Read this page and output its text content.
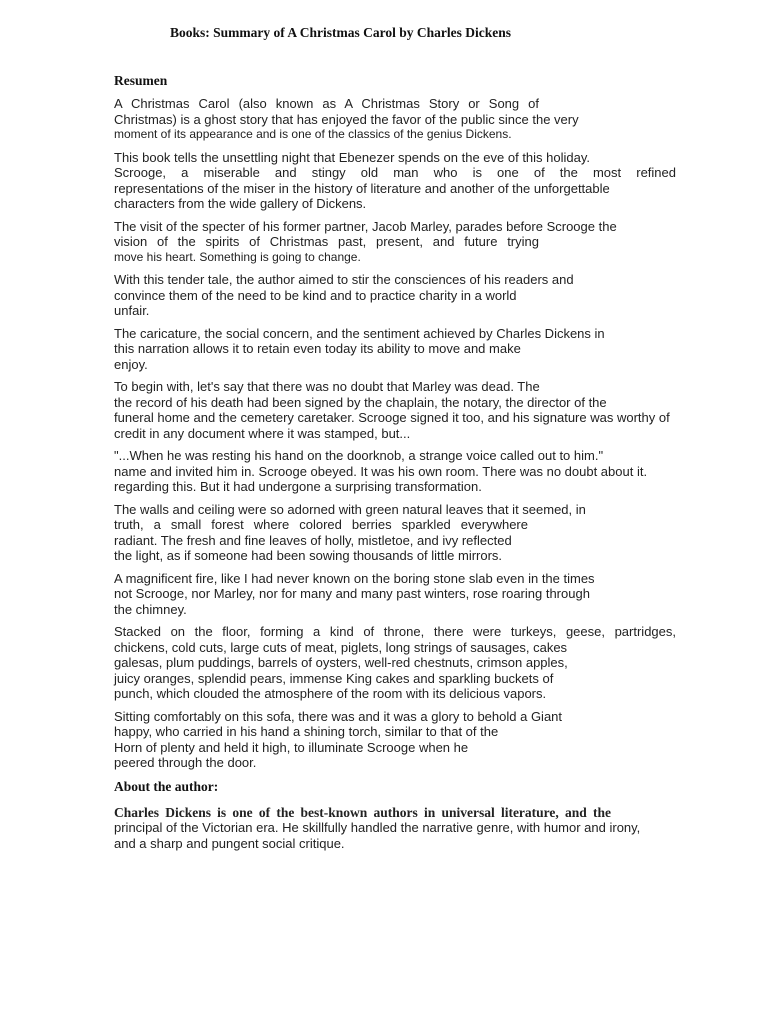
Books: Summary of A Christmas Carol by Charles Dickens
Resumen
A Christmas Carol (also known as A Christmas Story or Song of
Christmas) is a ghost story that has enjoyed the favor of the public since the very
moment of its appearance and is one of the classics of the genius Dickens.
This book tells the unsettling night that Ebenezer spends on the eve of this holiday.
Scrooge, a miserable and stingy old man who is one of the most refined
representations of the miser in the history of literature and another of the unforgettable
characters from the wide gallery of Dickens.
The visit of the specter of his former partner, Jacob Marley, parades before Scrooge the
vision of the spirits of Christmas past, present, and future trying
move his heart. Something is going to change.
With this tender tale, the author aimed to stir the consciences of his readers and
convince them of the need to be kind and to practice charity in a world
unfair.
The caricature, the social concern, and the sentiment achieved by Charles Dickens in
this narration allows it to retain even today its ability to move and make
enjoy.
To begin with, let's say that there was no doubt that Marley was dead. The
the record of his death had been signed by the chaplain, the notary, the director of the
funeral home and the cemetery caretaker. Scrooge signed it too, and his signature was worthy of
credit in any document where it was stamped, but...
"...When he was resting his hand on the doorknob, a strange voice called out to him."
name and invited him in. Scrooge obeyed. It was his own room. There was no doubt about it.
regarding this. But it had undergone a surprising transformation.
The walls and ceiling were so adorned with green natural leaves that it seemed, in
truth, a small forest where colored berries sparkled everywhere
radiant. The fresh and fine leaves of holly, mistletoe, and ivy reflected
the light, as if someone had been sowing thousands of little mirrors.
A magnificent fire, like I had never known on the boring stone slab even in the times
not Scrooge, nor Marley, nor for many and many past winters, rose roaring through
the chimney.
Stacked on the floor, forming a kind of throne, there were turkeys, geese, partridges,
chickens, cold cuts, large cuts of meat, piglets, long strings of sausages, cakes
galesas, plum puddings, barrels of oysters, well-red chestnuts, crimson apples,
juicy oranges, splendid pears, immense King cakes and sparkling buckets of
punch, which clouded the atmosphere of the room with its delicious vapors.
Sitting comfortably on this sofa, there was and it was a glory to behold a Giant
happy, who carried in his hand a shining torch, similar to that of the
Horn of plenty and held it high, to illuminate Scrooge when he
peered through the door.
About the author:
Charles Dickens is one of the best-known authors in universal literature, and the
principal of the Victorian era. He skillfully handled the narrative genre, with humor and irony,
and a sharp and pungent social critique.
